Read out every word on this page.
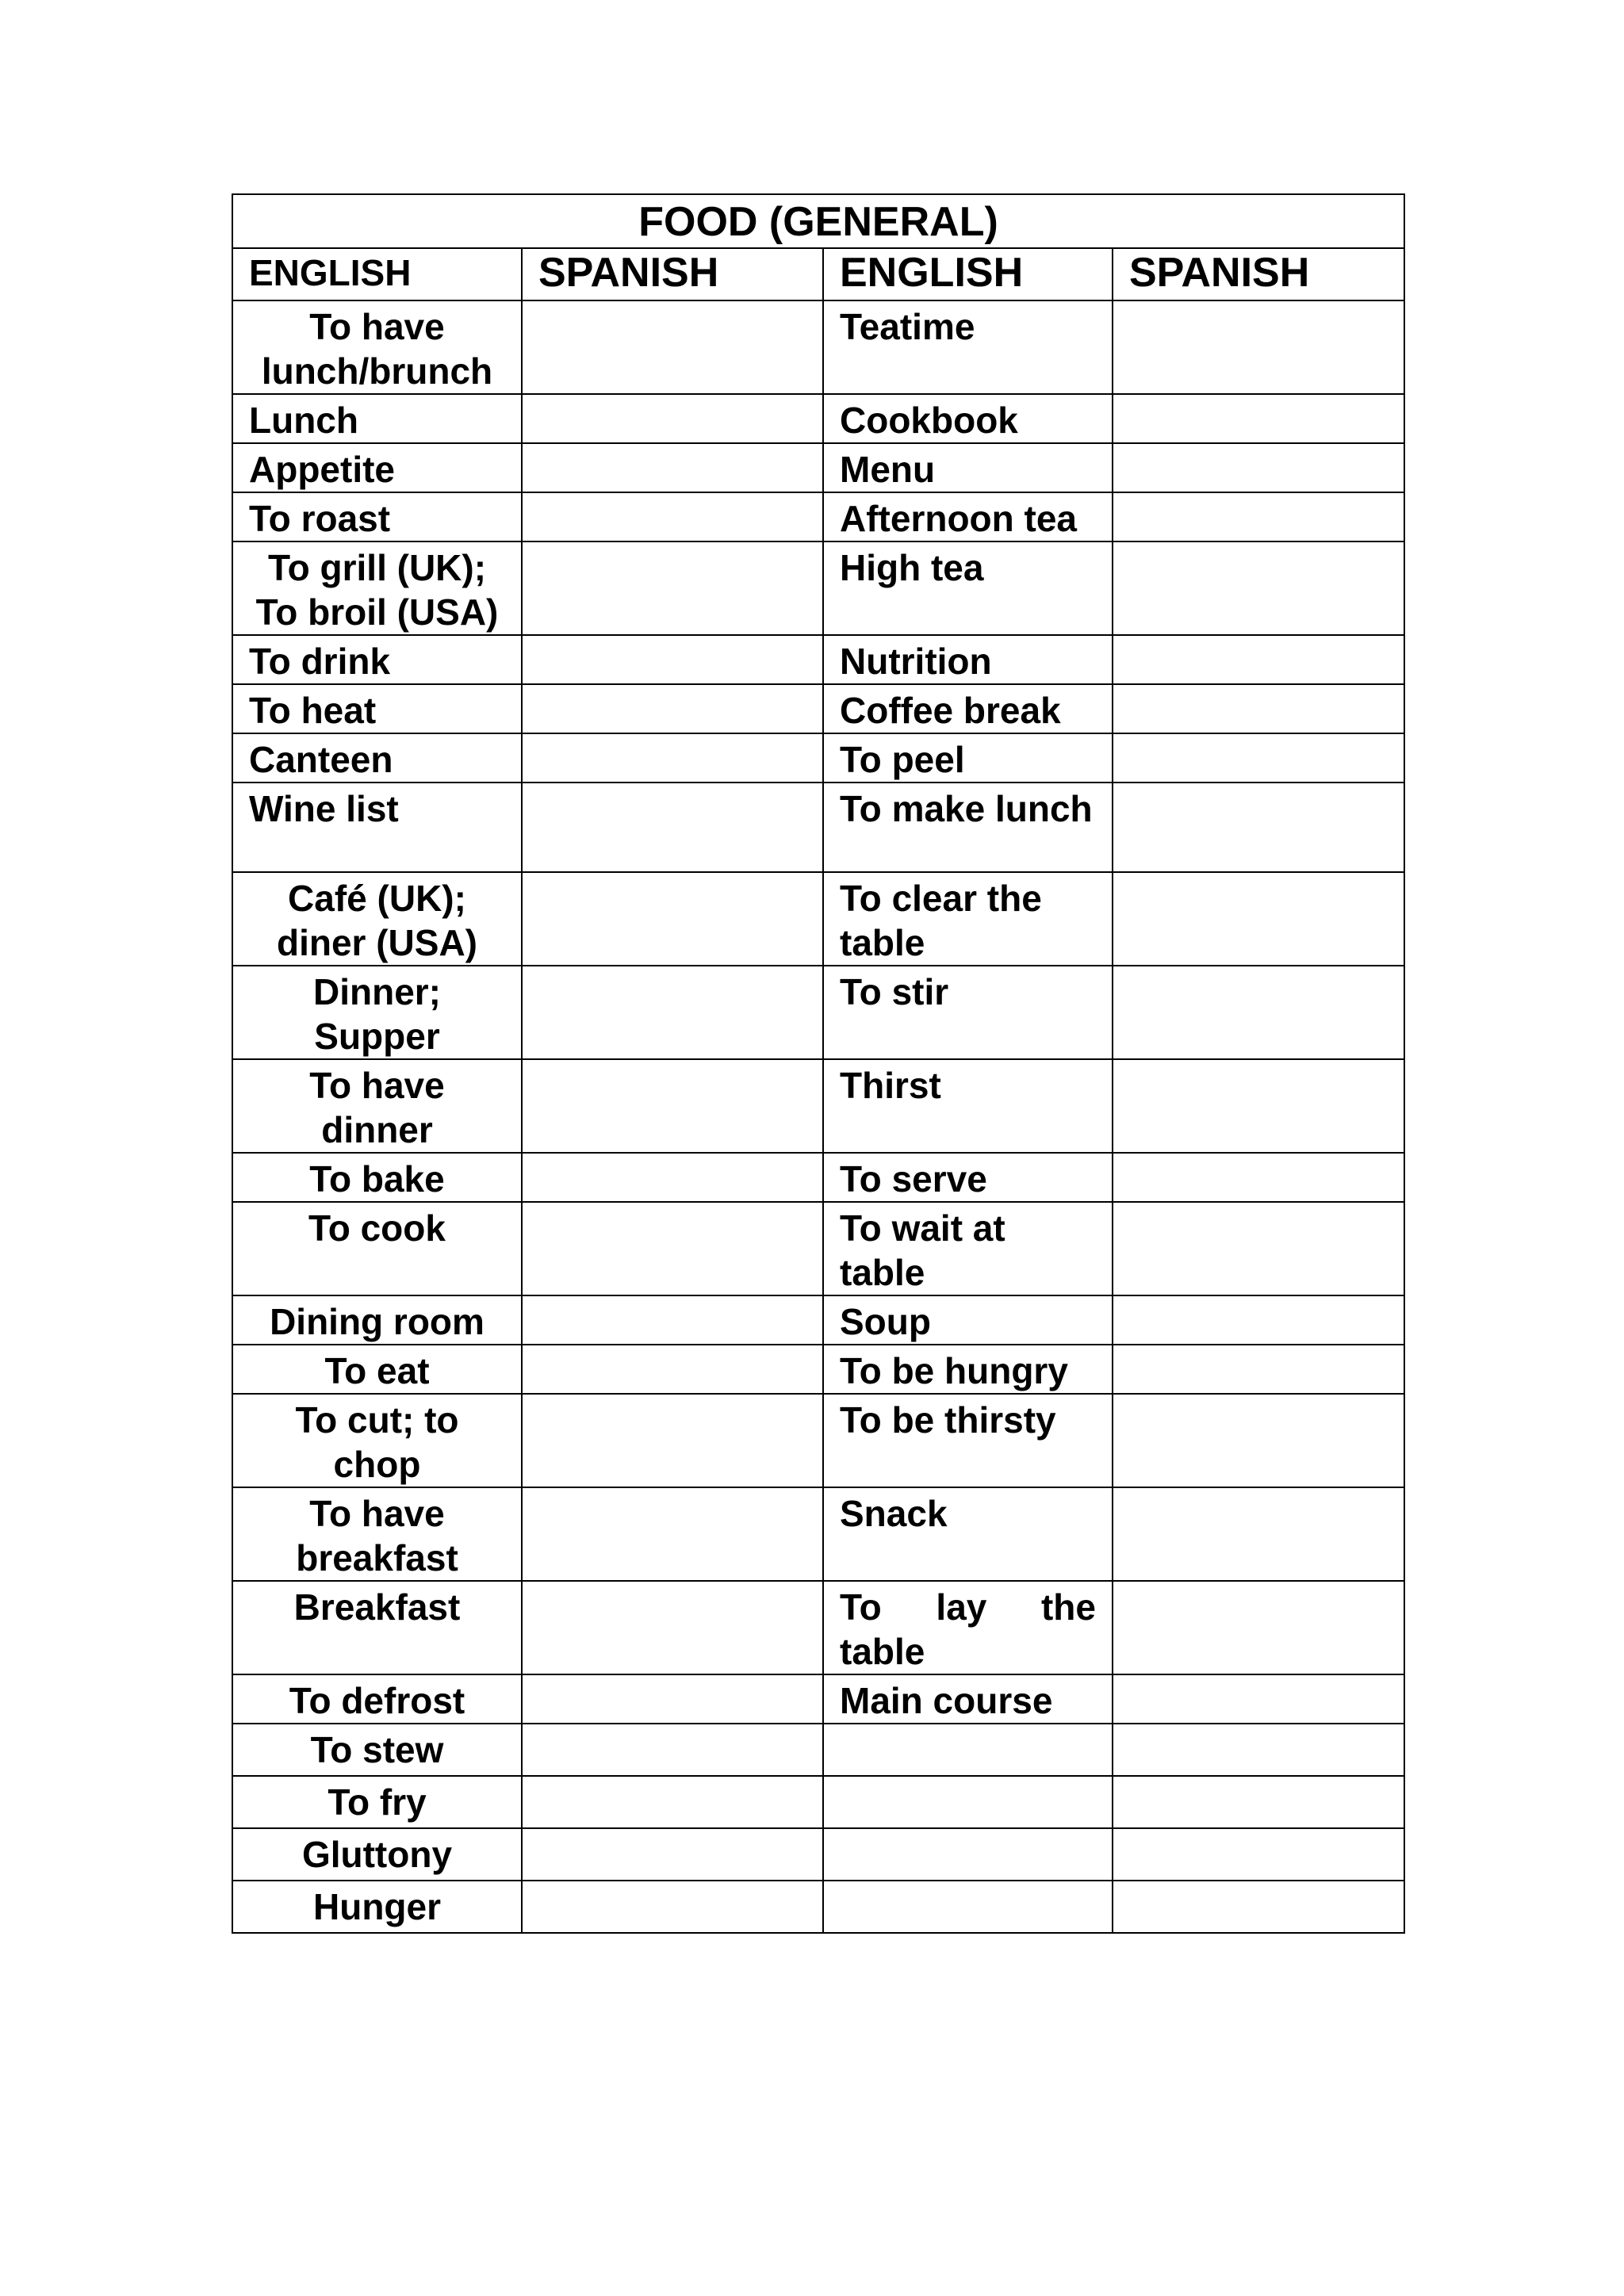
FOOD (GENERAL)			
ENGLISH	SPANISH	ENGLISH	SPANISH
To have lunch/brunch		Teatime	
Lunch		Cookbook	
Appetite		Menu	
To roast		Afternoon tea	
To grill (UK); To broil (USA)		High tea	
To drink		Nutrition	
To heat		Coffee break	
Canteen		To peel	
Wine list		To make lunch	
Café (UK); diner (USA)		To clear the table	
Dinner; Supper		To stir	
To have dinner		Thirst	
To bake		To serve	
To cook		To wait at table	
Dining room		Soup	
To eat		To be hungry	
To cut; to chop		To be thirsty	
To have breakfast		Snack	
Breakfast		To lay the table	
To defrost		Main course	
To stew			
To fry			
Gluttony			
Hunger			
